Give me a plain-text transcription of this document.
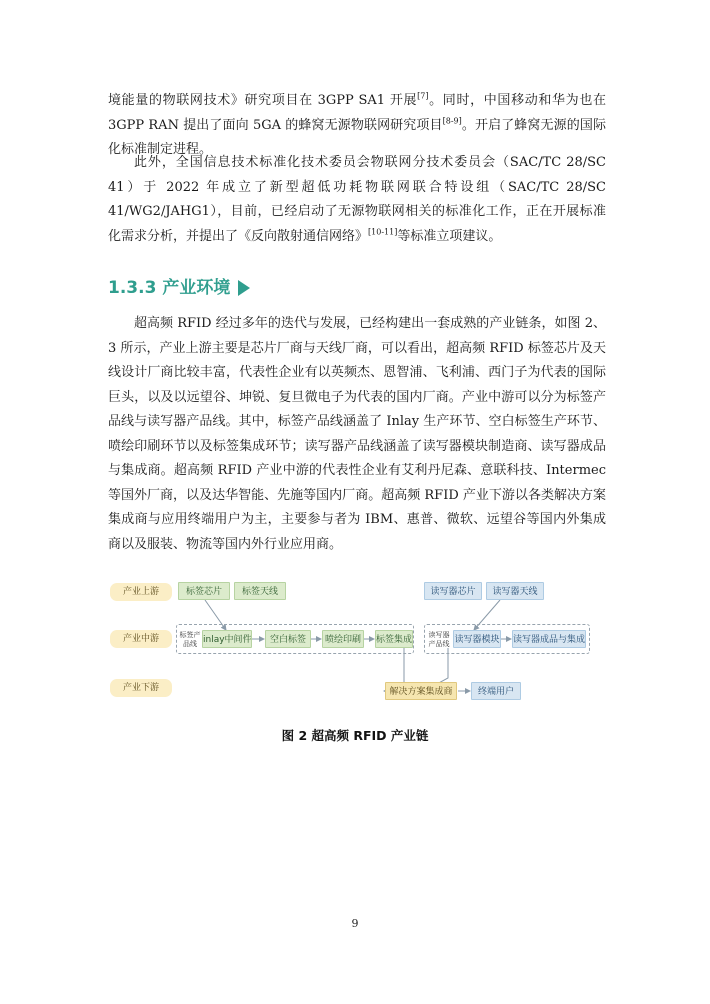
境能量的物联网技术》研究项目在 3GPP SA1 开展[7]。同时，中国移动和华为也在 3GPP RAN 提出了面向 5GA 的蜂窝无源物联网研究项目[8-9]。开启了蜂窝无源的国际化标准制定进程。

此外，全国信息技术标准化技术委员会物联网分技术委员会（SAC/TC 28/SC 41）于 2022 年成立了新型超低功耗物联网联合特设组（SAC/TC 28/SC 41/WG2/JAHG1），目前，已经启动了无源物联网相关的标准化工作，正在开展标准化需求分析，并提出了《反向散射通信网络》[10-11]等标准立项建议。

1.3.3 产业环境

超高频 RFID 经过多年的迭代与发展，已经构建出一套成熟的产业链条，如图 2、3 所示，产业上游主要是芯片厂商与天线厂商，可以看出，超高频 RFID 标签芯片及天线设计厂商比较丰富，代表性企业有以英频杰、恩智浦、飞利浦、西门子为代表的国际巨头，以及以远望谷、坤锐、复旦微电子为代表的国内厂商。产业中游可以分为标签产品线与读写器产品线。其中，标签产品线涵盖了 Inlay 生产环节、空白标签生产环节、喷绘印刷环节以及标签集成环节；读写器产品线涵盖了读写器模块制造商、读写器成品与集成商。超高频 RFID 产业中游的代表性企业有艾利丹尼森、意联科技、Intermec 等国外厂商，以及达华智能、先施等国内厂商。超高频 RFID 产业下游以各类解决方案集成商与应用终端用户为主，主要参与者为 IBM、惠普、微软、远望谷等国内外集成商以及服装、物流等国内外行业应用商。

产业上游
产业中游
产业下游
标签芯片	标签天线	读写器芯片	读写器天线
标签产品线 inlay中间件	空白标签	喷绘印刷	标签集成	读写器产品线 读写器模块 读写器成品与集成
解决方案集成商	终端用户

图 2 超高频 RFID 产业链

9
